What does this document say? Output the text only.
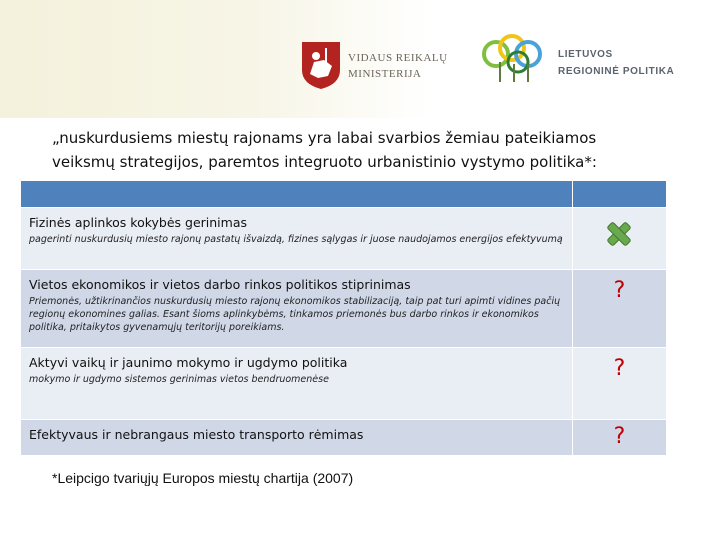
VIDAUS REIKALŲ
MINISTERIJA
LIETUVOS
REGIONINĖ POLITIKA
„nuskurdusiems miestų rajonams yra labai svarbios žemiau pateikiamos
veiksmų strategijos, paremtos integruoto urbanistinio vystymo politika*:

Fizinės aplinkos kokybės gerinimas
pagerinti nuskurdusių miesto rajonų pastatų išvaizdą, fizines sąlygas ir juose naudojamos energijos efektyvumą

Vietos ekonomikos ir vietos darbo rinkos politikos stiprinimas
Priemonės, užtikrinančios nuskurdusių miesto rajonų ekonomikos stabilizaciją, taip pat turi apimti vidines pačių regionų ekonomines galias. Esant šioms aplinkybėms, tinkamos priemonės bus darbo rinkos ir ekonomikos politika, pritaikytos gyvenamųjų teritorijų poreikiams.	?

Aktyvi vaikų ir jaunimo mokymo ir ugdymo politika
mokymo ir ugdymo sistemos gerinimas vietos bendruomenėse	?

Efektyvaus ir nebrangaus miesto transporto rėmimas	?
*Leipcigo tvariųjų Europos miestų chartija (2007)
